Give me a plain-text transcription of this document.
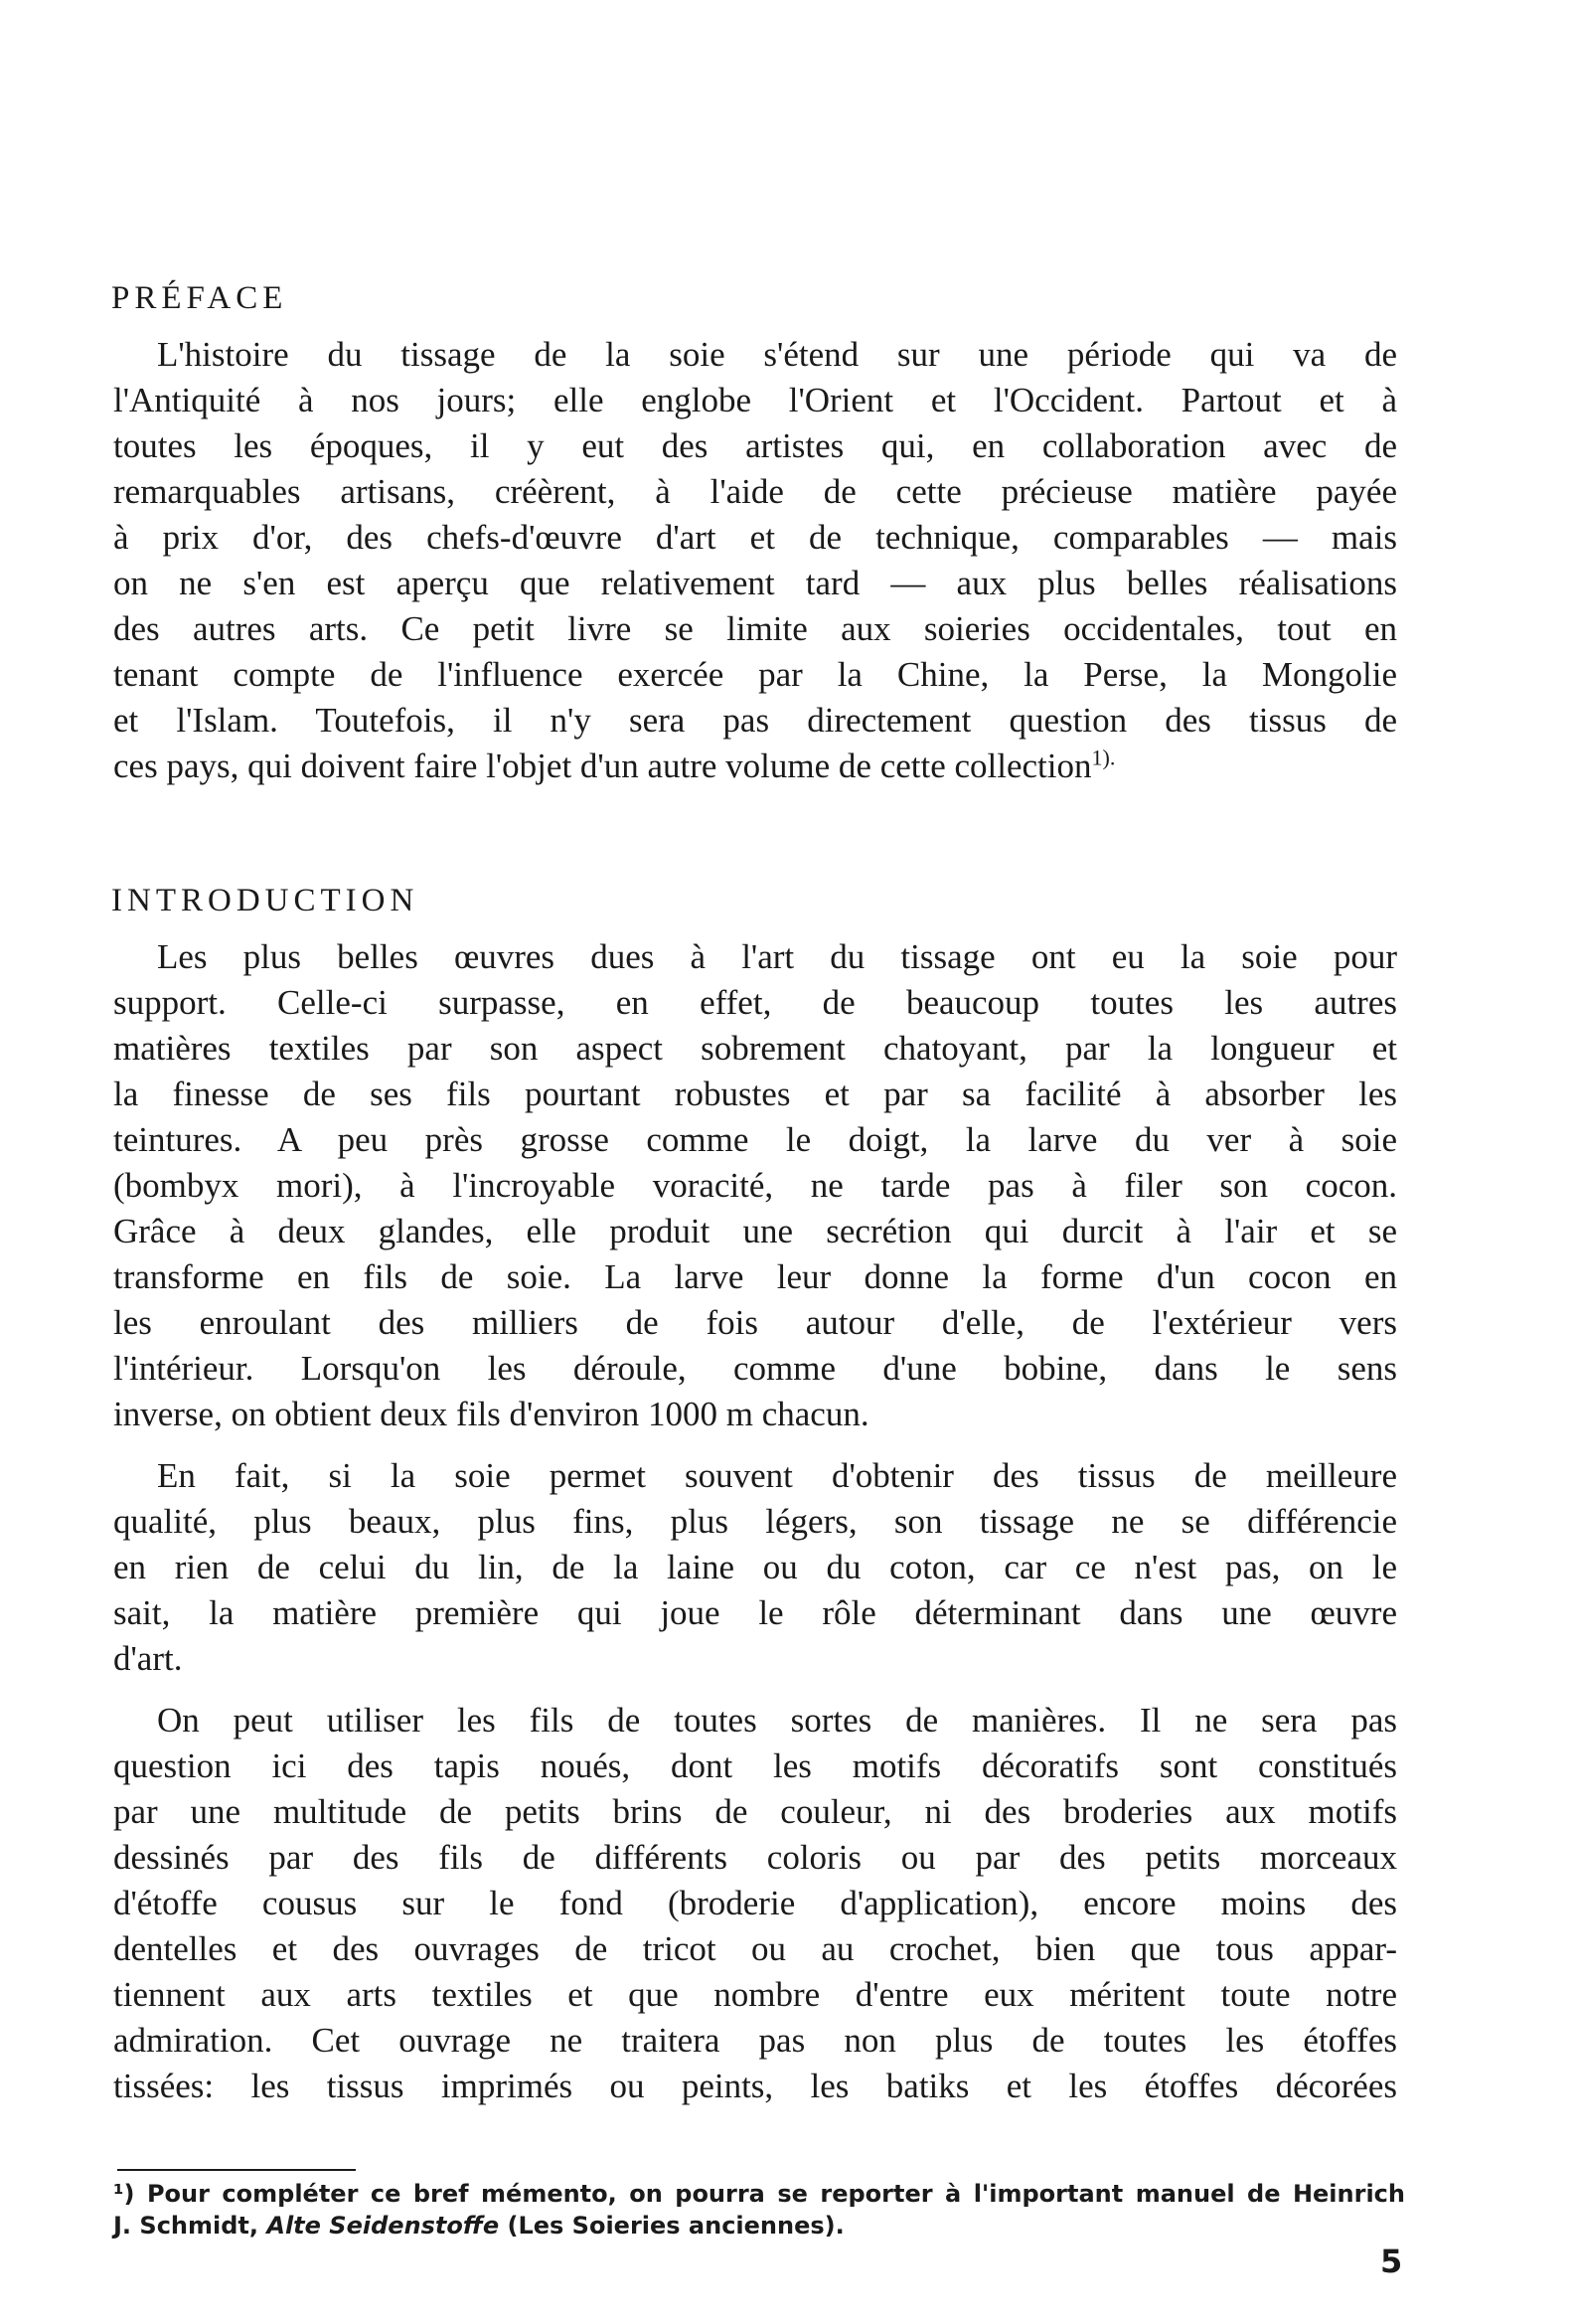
PRÉFACE
L'histoire du tissage de la soie s'étend sur une période qui va de
l'Antiquité à nos jours; elle englobe l'Orient et l'Occident. Partout et à
toutes les époques, il y eut des artistes qui, en collaboration avec de
remarquables artisans, créèrent, à l'aide de cette précieuse matière payée
à prix d'or, des chefs-d'œuvre d'art et de technique, comparables — mais
on ne s'en est aperçu que relativement tard — aux plus belles réalisations
des autres arts. Ce petit livre se limite aux soieries occidentales, tout en
tenant compte de l'influence exercée par la Chine, la Perse, la Mongolie
et l'Islam. Toutefois, il n'y sera pas directement question des tissus de
ces pays, qui doivent faire l'objet d'un autre volume de cette collection$^{1).}$
INTRODUCTION
Les plus belles œuvres dues à l'art du tissage ont eu la soie pour
support. Celle-ci surpasse, en effet, de beaucoup toutes les autres
matières textiles par son aspect sobrement chatoyant, par la longueur et
la finesse de ses fils pourtant robustes et par sa facilité à absorber les
teintures. A peu près grosse comme le doigt, la larve du ver à soie
(bombyx mori), à l'incroyable voracité, ne tarde pas à filer son cocon.
Grâce à deux glandes, elle produit une secrétion qui durcit à l'air et se
transforme en fils de soie. La larve leur donne la forme d'un cocon en
les enroulant des milliers de fois autour d'elle, de l'extérieur vers
l'intérieur. Lorsqu'on les déroule, comme d'une bobine, dans le sens
inverse, on obtient deux fils d'environ 1000 m chacun.
En fait, si la soie permet souvent d'obtenir des tissus de meilleure
qualité, plus beaux, plus fins, plus légers, son tissage ne se différencie
en rien de celui du lin, de la laine ou du coton, car ce n'est pas, on le
sait, la matière première qui joue le rôle déterminant dans une œuvre
d'art.
On peut utiliser les fils de toutes sortes de manières. Il ne sera pas
question ici des tapis noués, dont les motifs décoratifs sont constitués
par une multitude de petits brins de couleur, ni des broderies aux motifs
dessinés par des fils de différents coloris ou par des petits morceaux
d'étoffe cousus sur le fond (broderie d'application), encore moins des
dentelles et des ouvrages de tricot ou au crochet, bien que tous appar-
tiennent aux arts textiles et que nombre d'entre eux méritent toute notre
admiration. Cet ouvrage ne traitera pas non plus de toutes les étoffes
tissées: les tissus imprimés ou peints, les batiks et les étoffes décorées
¹) Pour compléter ce bref mémento, on pourra se reporter à l'important manuel de Heinrich
J. Schmidt, Alte Seidenstoffe (Les Soieries anciennes).
5
